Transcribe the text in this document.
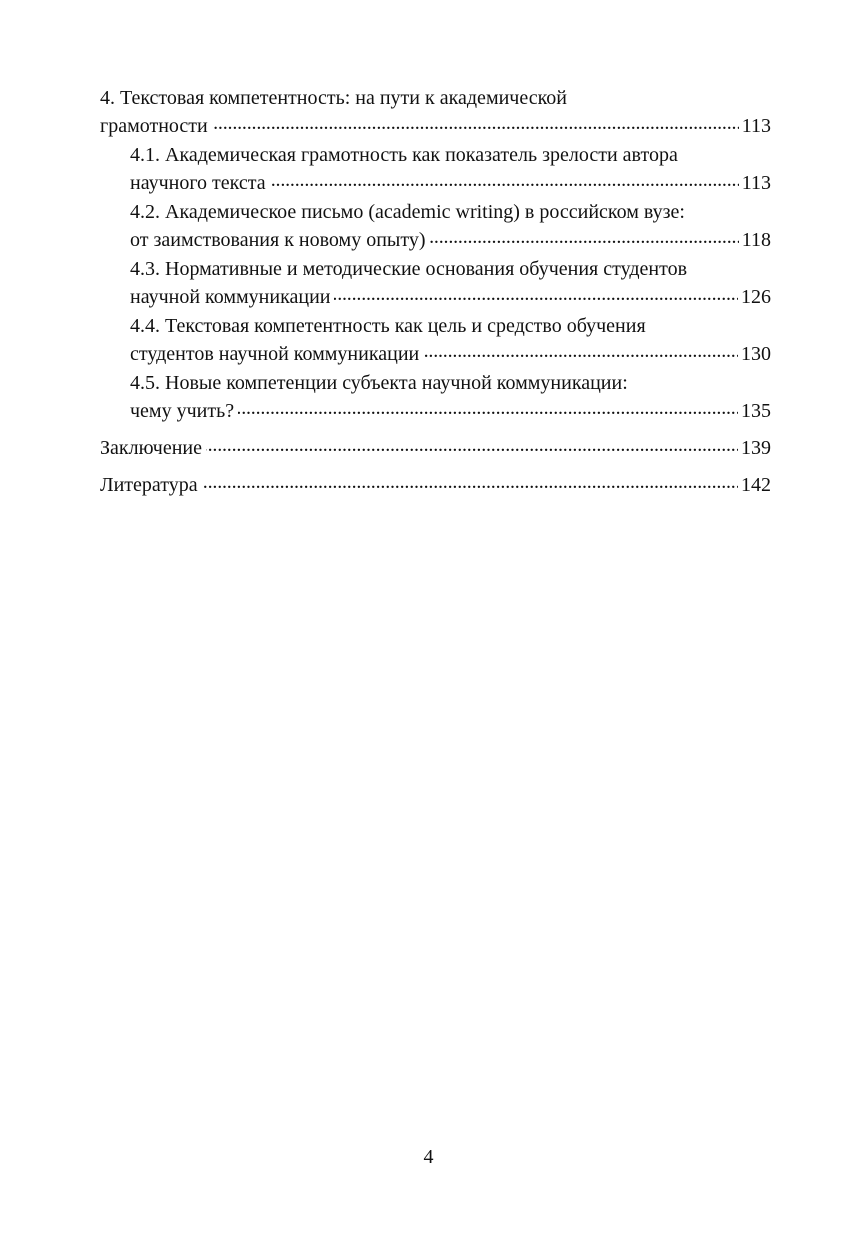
4. Текстовая компетентность: на пути к академической
грамотности . . .	113
4.1. Академическая грамотность как показатель зрелости автора
научного текста . . .	113
4.2. Академическое письмо (academic writing) в российском вузе:
от заимствования к новому опыту) . . .	118
4.3. Нормативные и методические основания обучения студентов
научной коммуникации . . .	126
4.4. Текстовая компетентность как цель и средство обучения
студентов научной коммуникации . . .	130
4.5. Новые компетенции субъекта научной коммуникации:
чему учить? . . .	135
Заключение . . .	139
Литература . . .	142
4
